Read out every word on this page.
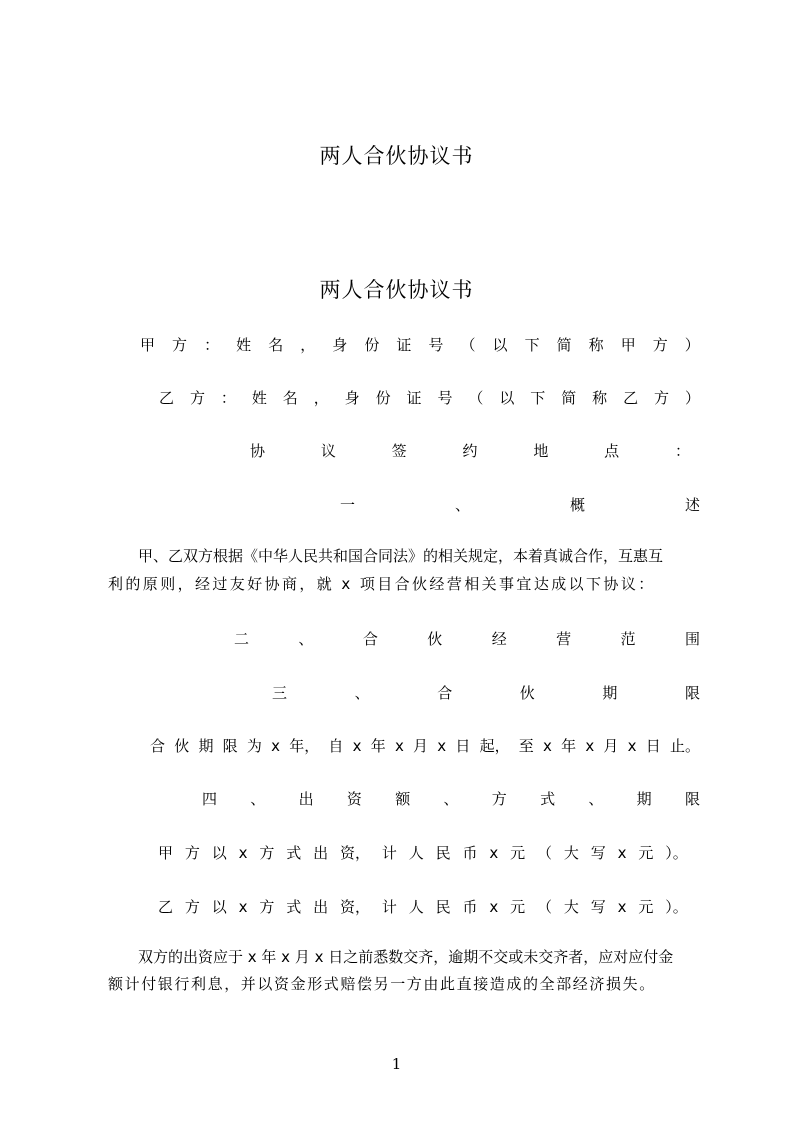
两人合伙协议书
两人合伙协议书
甲 方 ： 姓 名 ， 身 份 证 号 （ 以 下 简 称 甲 方 ）
乙 方 ： 姓 名 ， 身 份 证 号 （ 以 下 简 称 乙 方 ）
协	议	签	约	地	点	：
一	、	概	述
甲、乙双方根据《中华人民共和国合同法》的相关规定，本着真诚合作，互惠互
利的原则，经过友好协商，就 x 项目合伙经营相关事宜达成以下协议：
二	、	合	伙	经	营	范	围
三	、	合	伙	期	限
合 伙 期 限 为 x 年， 自 x 年 x 月 x 日 起， 至 x 年 x 月 x 日 止。
四 、 出 资 额 、 方 式 、 期 限
甲 方 以 x 方 式 出 资， 计 人 民 币 x 元 （ 大 写 x 元 ）。
乙 方 以 x 方 式 出 资， 计 人 民 币 x 元 （ 大 写 x 元 ）。
双方的出资应于 x 年 x 月 x 日之前悉数交齐，逾期不交或未交齐者，应对应付金
额计付银行利息，并以资金形式赔偿另一方由此直接造成的全部经济损失。
1
